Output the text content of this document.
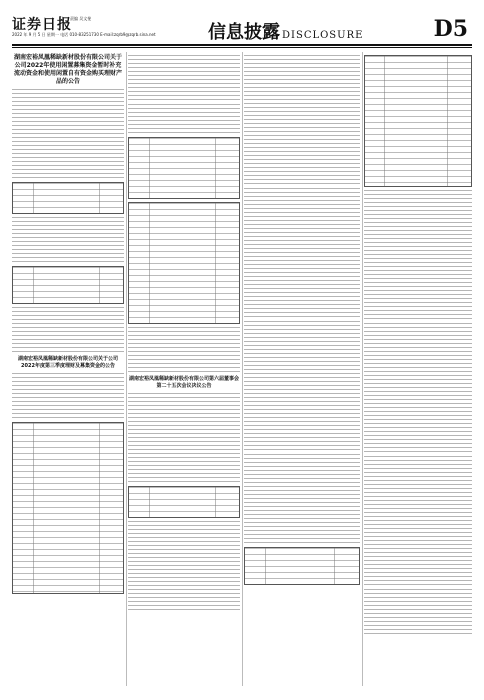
证券日报
责编 吴文斐
2022 年 9 月 5 日 星期一 电话 010-83251730 E-mail:zqrb9@zqrb.sina.net	信息披露 DISCLOSURE	D5
湖南宏裕凤凰稀缺新材股份有限公司关于公司2022年使用闲置募集资金暂时补充流动资金和使用闲置自有资金购买理财产品的公告
湖南宏裕凤凰稀缺新材股份有限公司关于公司2022年度第三季度理财及募集资金的公告
湖南宏裕凤凰稀缺新材股份有限公司第六届董事会第二十五次会议决议公告
